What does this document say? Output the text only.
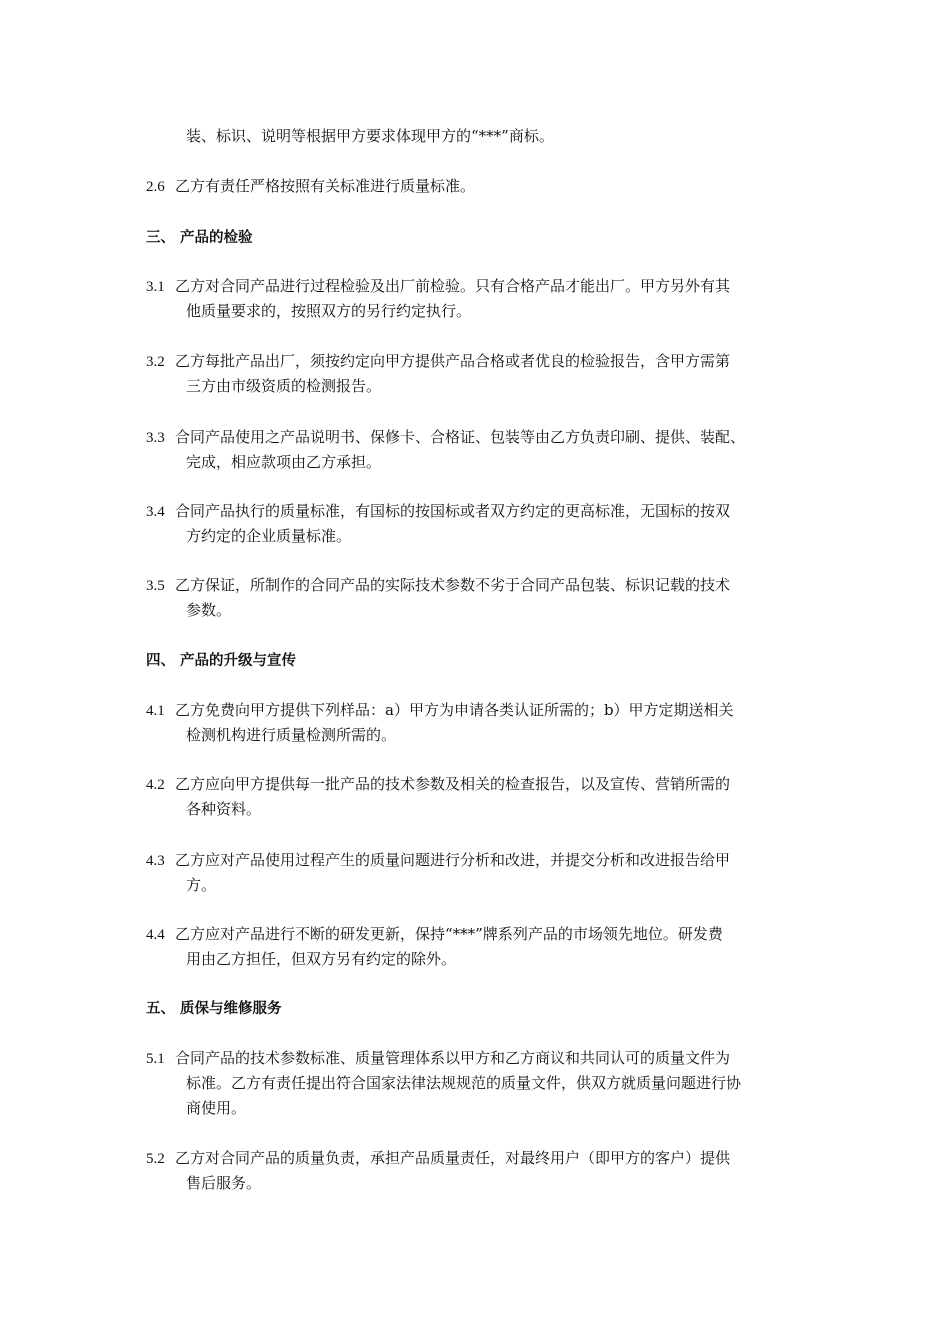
装、标识、说明等根据甲方要求体现甲方的“***”商标。
2.6 乙方有责任严格按照有关标准进行质量标准。
三、 产品的检验
3.1 乙方对合同产品进行过程检验及出厂前检验。只有合格产品才能出厂。甲方另外有其
他质量要求的，按照双方的另行约定执行。
3.2 乙方每批产品出厂，须按约定向甲方提供产品合格或者优良的检验报告，含甲方需第
三方由市级资质的检测报告。
3.3 合同产品使用之产品说明书、保修卡、合格证、包装等由乙方负责印刷、提供、装配、
完成，相应款项由乙方承担。
3.4 合同产品执行的质量标准，有国标的按国标或者双方约定的更高标准，无国标的按双
方约定的企业质量标准。
3.5 乙方保证，所制作的合同产品的实际技术参数不劣于合同产品包装、标识记载的技术
参数。
四、 产品的升级与宣传
4.1 乙方免费向甲方提供下列样品：a）甲方为申请各类认证所需的；b）甲方定期送相关
检测机构进行质量检测所需的。
4.2 乙方应向甲方提供每一批产品的技术参数及相关的检查报告，以及宣传、营销所需的
各种资料。
4.3 乙方应对产品使用过程产生的质量问题进行分析和改进，并提交分析和改进报告给甲
方。
4.4 乙方应对产品进行不断的研发更新，保持“***”牌系列产品的市场领先地位。研发费
用由乙方担任，但双方另有约定的除外。
五、 质保与维修服务
5.1 合同产品的技术参数标准、质量管理体系以甲方和乙方商议和共同认可的质量文件为
标准。乙方有责任提出符合国家法律法规规范的质量文件，供双方就质量问题进行协
商使用。
5.2 乙方对合同产品的质量负责，承担产品质量责任，对最终用户（即甲方的客户）提供
售后服务。
